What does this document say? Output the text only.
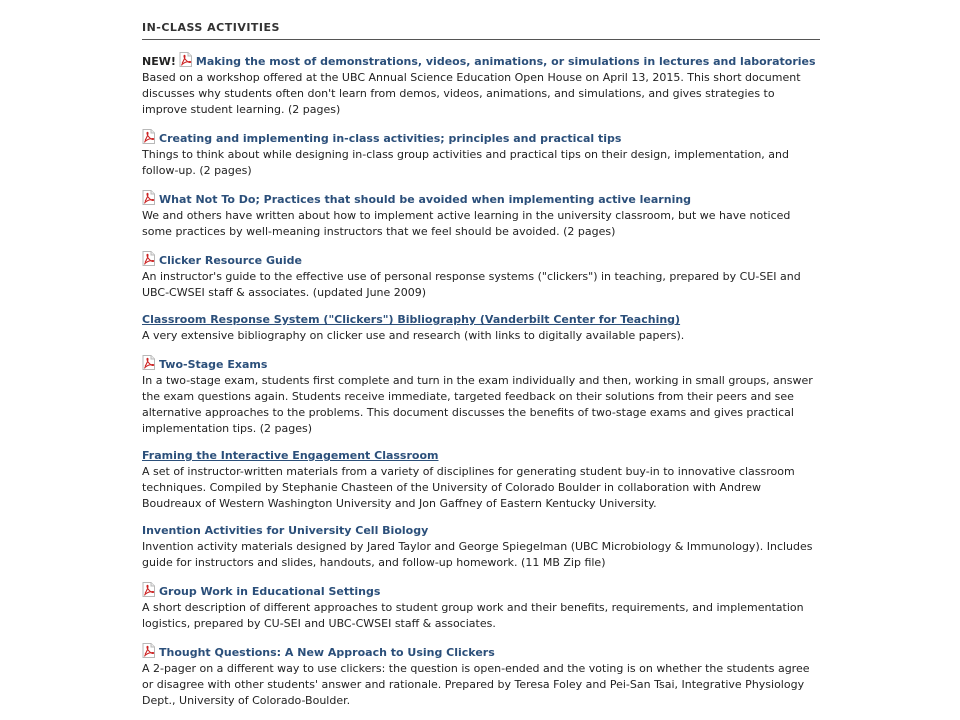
IN-CLASS ACTIVITIES
NEW! Making the most of demonstrations, videos, animations, or simulations in lectures and laboratories
Based on a workshop offered at the UBC Annual Science Education Open House on April 13, 2015. This short document discusses why students often don't learn from demos, videos, animations, and simulations, and gives strategies to improve student learning. (2 pages)
Creating and implementing in-class activities; principles and practical tips
Things to think about while designing in-class group activities and practical tips on their design, implementation, and follow-up. (2 pages)
What Not To Do; Practices that should be avoided when implementing active learning
We and others have written about how to implement active learning in the university classroom, but we have noticed some practices by well-meaning instructors that we feel should be avoided. (2 pages)
Clicker Resource Guide
An instructor's guide to the effective use of personal response systems ("clickers") in teaching, prepared by CU-SEI and UBC-CWSEI staff & associates. (updated June 2009)
Classroom Response System ("Clickers") Bibliography (Vanderbilt Center for Teaching)
A very extensive bibliography on clicker use and research (with links to digitally available papers).
Two-Stage Exams
In a two-stage exam, students first complete and turn in the exam individually and then, working in small groups, answer the exam questions again. Students receive immediate, targeted feedback on their solutions from their peers and see alternative approaches to the problems. This document discusses the benefits of two-stage exams and gives practical implementation tips. (2 pages)
Framing the Interactive Engagement Classroom
A set of instructor-written materials from a variety of disciplines for generating student buy-in to innovative classroom techniques. Compiled by Stephanie Chasteen of the University of Colorado Boulder in collaboration with Andrew Boudreaux of Western Washington University and Jon Gaffney of Eastern Kentucky University.
Invention Activities for University Cell Biology
Invention activity materials designed by Jared Taylor and George Spiegelman (UBC Microbiology & Immunology). Includes guide for instructors and slides, handouts, and follow-up homework. (11 MB Zip file)
Group Work in Educational Settings
A short description of different approaches to student group work and their benefits, requirements, and implementation logistics, prepared by CU-SEI and UBC-CWSEI staff & associates.
Thought Questions: A New Approach to Using Clickers
A 2-pager on a different way to use clickers: the question is open-ended and the voting is on whether the students agree or disagree with other students' answer and rationale. Prepared by Teresa Foley and Pei-San Tsai, Integrative Physiology Dept., University of Colorado-Boulder.
